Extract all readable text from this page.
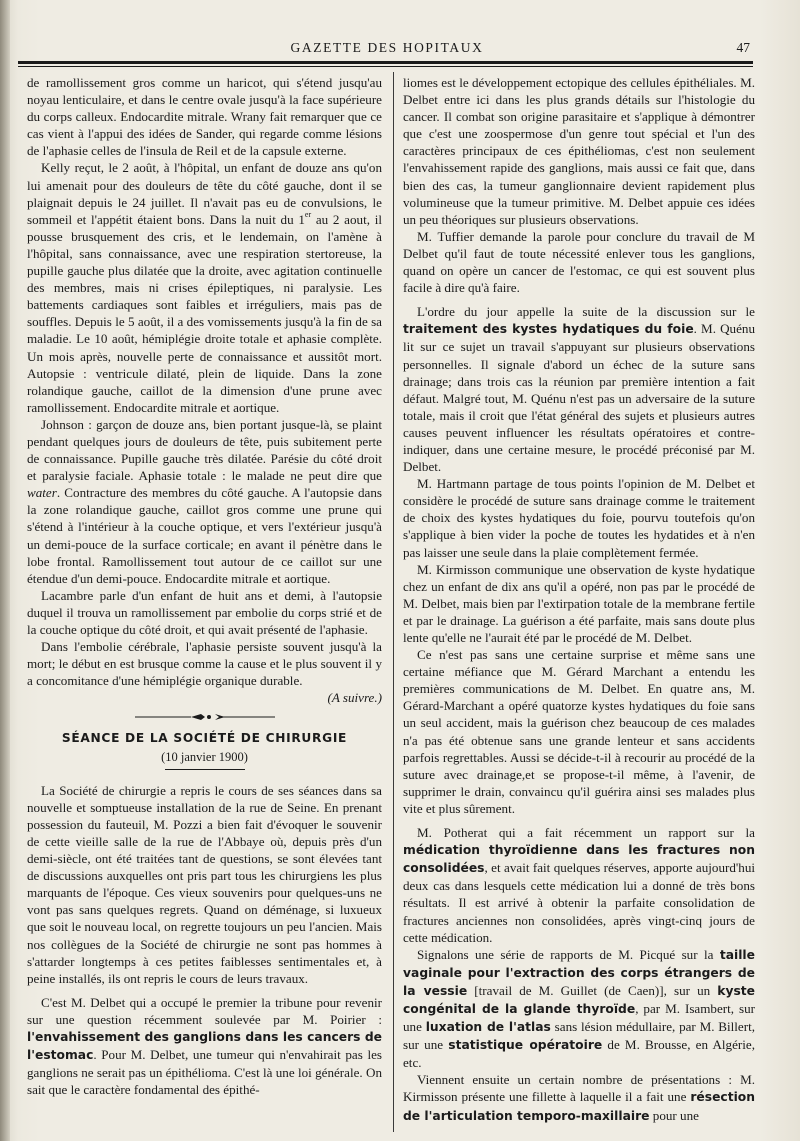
GAZETTE DES HOPITAUX	47

de ramollissement gros comme un haricot, qui s'étend jusqu'au noyau lenticulaire, et dans le centre ovale jusqu'à la face supérieure du corps calleux. Endocardite mitrale. Wrany fait remarquer que ce cas vient à l'appui des idées de Sander, qui regarde comme lésions de l'aphasie celles de l'insula de Reil et de la capsule externe.

Kelly reçut, le 2 août, à l'hôpital, un enfant de douze ans qu'on lui amenait pour des douleurs de tête du côté gauche, dont il se plaignait depuis le 24 juillet. Il n'avait pas eu de convulsions, le sommeil et l'appétit étaient bons. Dans la nuit du 1er au 2 aout, il pousse brusquement des cris, et le lendemain, on l'amène à l'hôpital, sans connaissance, avec une respiration stertoreuse, la pupille gauche plus dilatée que la droite, avec agitation continuelle des membres, mais ni crises épileptiques, ni paralysie. Les battements cardiaques sont faibles et irréguliers, mais pas de souffles. Depuis le 5 août, il a des vomissements jusqu'à la fin de sa maladie. Le 10 août, hémiplégie droite totale et aphasie complète. Un mois après, nouvelle perte de connaissance et aussitôt mort. Autopsie : ventricule dilaté, plein de liquide. Dans la zone rolandique gauche, caillot de la dimension d'une prune avec ramollissement. Endocardite mitrale et aortique.

Johnson : garçon de douze ans, bien portant jusque-là, se plaint pendant quelques jours de douleurs de tête, puis subitement perte de connaissance. Pupille gauche très dilatée. Parésie du côté droit et paralysie faciale. Aphasie totale : le malade ne peut dire que water. Contracture des membres du côté gauche. A l'autopsie dans la zone rolandique gauche, caillot gros comme une prune qui s'étend à l'intérieur à la couche optique, et vers l'extérieur jusqu'à un demi-pouce de la surface corticale; en avant il pénètre dans le lobe frontal. Ramollissement tout autour de ce caillot sur une étendue d'un demi-pouce. Endocardite mitrale et aortique.

Lacambre parle d'un enfant de huit ans et demi, à l'autopsie duquel il trouva un ramollissement par embolie du corps strié et de la couche optique du côté droit, et qui avait présenté de l'aphasie.

Dans l'embolie cérébrale, l'aphasie persiste souvent jusqu'à la mort; le début en est brusque comme la cause et le plus souvent il y a concomitance d'une hémiplégie organique durable.

(A suivre.)

SÉANCE DE LA SOCIÉTÉ DE CHIRURGIE
(10 janvier 1900)

La Société de chirurgie a repris le cours de ses séances dans sa nouvelle et somptueuse installation de la rue de Seine. En prenant possession du fauteuil, M. Pozzi a bien fait d'évoquer le souvenir de cette vieille salle de la rue de l'Abbaye où, depuis près d'un demi-siècle, ont été traitées tant de questions, se sont élevées tant de discussions auxquelles ont pris part tous les chirurgiens les plus marquants de l'époque. Ces vieux souvenirs pour quelques-uns ne vont pas sans quelques regrets. Quand on déménage, si luxueux que soit le nouveau local, on regrette toujours un peu l'ancien. Mais nos collègues de la Société de chirurgie ne sont pas hommes à s'attarder longtemps à ces petites faiblesses sentimentales et, à peine installés, ils ont repris le cours de leurs travaux.

C'est M. Delbet qui a occupé le premier la tribune pour revenir sur une question récemment soulevée par M. Poirier : l'envahissement des ganglions dans les cancers de l'estomac. Pour M. Delbet, une tumeur qui n'envahirait pas les ganglions ne serait pas un épithélioma. C'est là une loi générale. On sait que le caractère fondamental des épithé-

liomes est le développement ectopique des cellules épithéliales. M. Delbet entre ici dans les plus grands détails sur l'histologie du cancer. Il combat son origine parasitaire et s'applique à démontrer que c'est une zoospermose d'un genre tout spécial et l'un des caractères principaux de ces épithéliomas, c'est non seulement l'envahissement rapide des ganglions, mais aussi ce fait que, dans bien des cas, la tumeur ganglionnaire devient rapidement plus volumineuse que la tumeur primitive. M. Delbet appuie ces idées un peu théoriques sur plusieurs observations.

M. Tuffier demande la parole pour conclure du travail de M Delbet qu'il faut de toute nécessité enlever tous les ganglions, quand on opère un cancer de l'estomac, ce qui est souvent plus facile à dire qu'à faire.

L'ordre du jour appelle la suite de la discussion sur le traitement des kystes hydatiques du foie. M. Quénu lit sur ce sujet un travail s'appuyant sur plusieurs observations personnelles. Il signale d'abord un échec de la suture sans drainage; dans trois cas la réunion par première intention a fait défaut. Malgré tout, M. Quénu n'est pas un adversaire de la suture totale, mais il croit que l'état général des sujets et plusieurs autres causes peuvent influencer les résultats opératoires et contre-indiquer, dans une certaine mesure, le procédé préconisé par M. Delbet.

M. Hartmann partage de tous points l'opinion de M. Delbet et considère le procédé de suture sans drainage comme le traitement de choix des kystes hydatiques du foie, pourvu toutefois qu'on s'applique à bien vider la poche de toutes les hydatides et à n'en pas laisser une seule dans la plaie complètement fermée.

M. Kirmisson communique une observation de kyste hydatique chez un enfant de dix ans qu'il a opéré, non pas par le procédé de M. Delbet, mais bien par l'extirpation totale de la membrane fertile et par le drainage. La guérison a été parfaite, mais sans doute plus lente qu'elle ne l'aurait été par le procédé de M. Delbet.

Ce n'est pas sans une certaine surprise et même sans une certaine méfiance que M. Gérard Marchant a entendu les premières communications de M. Delbet. En quatre ans, M. Gérard-Marchant a opéré quatorze kystes hydatiques du foie sans un seul accident, mais la guérison chez beaucoup de ces malades n'a pas été obtenue sans une grande lenteur et sans accidents parfois regrettables. Aussi se décide-t-il à recourir au procédé de la suture avec drainage,et se propose-t-il même, à l'avenir, de supprimer le drain, convaincu qu'il guérira ainsi ses malades plus vite et plus sûrement.

M. Potherat qui a fait récemment un rapport sur la médication thyroïdienne dans les fractures non consolidées, et avait fait quelques réserves, apporte aujourd'hui deux cas dans lesquels cette médication lui a donné de très bons résultats. Il est arrivé à obtenir la parfaite consolidation de fractures anciennes non consolidées, après vingt-cinq jours de cette médication.

Signalons une série de rapports de M. Picqué sur la taille vaginale pour l'extraction des corps étrangers de la vessie [travail de M. Guillet (de Caen)], sur un kyste congénital de la glande thyroïde, par M. Isambert, sur une luxation de l'atlas sans lésion médullaire, par M. Billert, sur une statistique opératoire de M. Brousse, en Algérie, etc.

Viennent ensuite un certain nombre de présentations : M. Kirmisson présente une fillette à laquelle il a fait une résection de l'articulation temporo-maxillaire pour une
